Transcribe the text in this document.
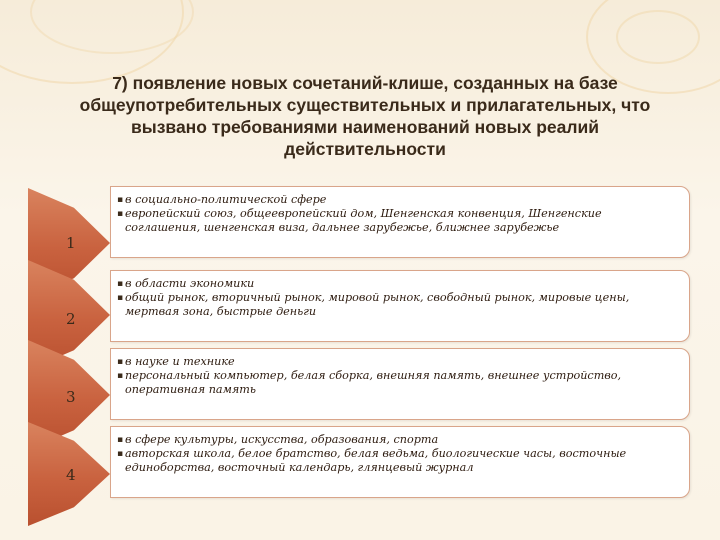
7) появление новых сочетаний-клише, созданных на базе общеупотребительных существительных и прилагательных, что вызвано требованиями наименований новых реалий действительности
1
▪ в социально-политической сфере
▪ европейский союз, общеевропейский дом, Шенгенская конвенция, Шенгенские соглашения, шенгенская виза, дальнее зарубежье, ближнее зарубежье
2
▪ в области экономики
▪ общий рынок, вторичный рынок, мировой рынок, свободный рынок, мировые цены, мертвая зона, быстрые деньги
3
▪ в науке и технике
▪ персональный компьютер, белая сборка, внешняя память, внешнее устройство, оперативная память
4
▪ в сфере культуры, искусства, образования, спорта
▪ авторская школа, белое братство, белая ведьма, биологические часы, восточные единоборства, восточный календарь, глянцевый журнал
